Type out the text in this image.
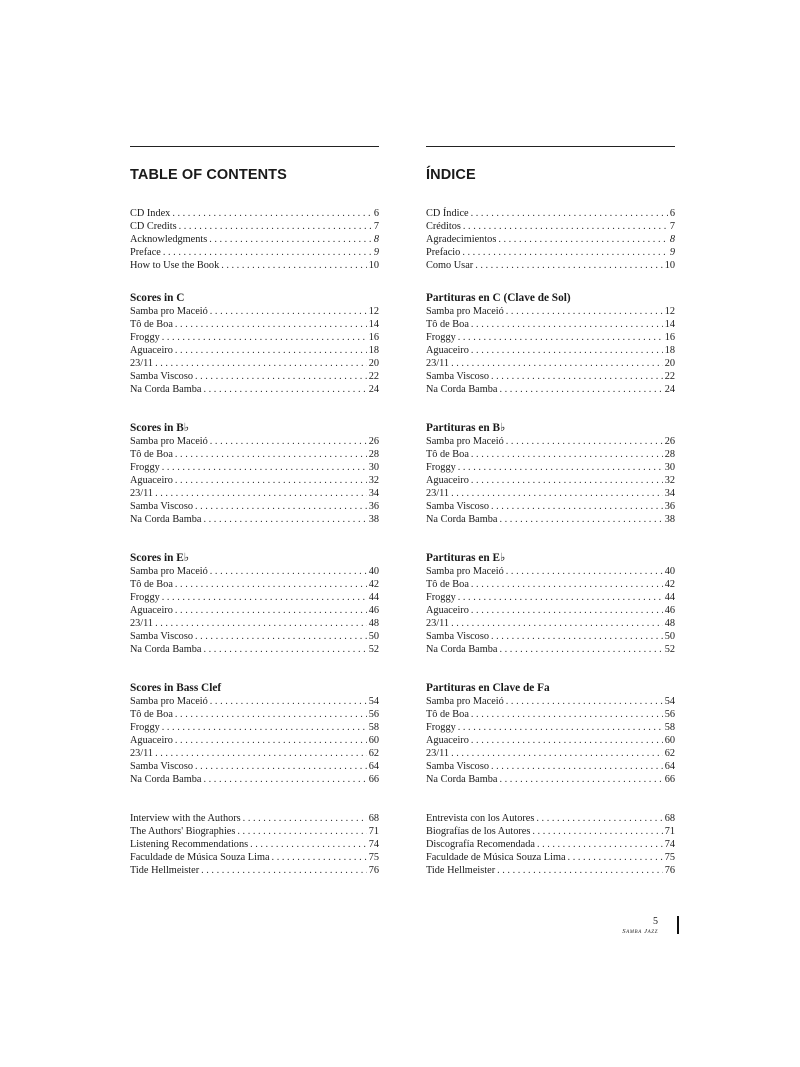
TABLE OF CONTENTS
CD Index . . .	6
CD Credits . . .	7
Acknowledgments . . .	8
Preface . . .	9
How to Use the Book . . .	10
Scores in C
Samba pro Maceió . . .	12
Tô de Boa . . .	14
Froggy . . .	16
Aguaceiro . . .	18
23/11 . . .	20
Samba Viscoso . . .	22
Na Corda Bamba . . .	24
Scores in B♭
Samba pro Maceió . . .	26
Tô de Boa . . .	28
Froggy . . .	30
Aguaceiro . . .	32
23/11 . . .	34
Samba Viscoso . . .	36
Na Corda Bamba . . .	38
Scores in E♭
Samba pro Maceió . . .	40
Tô de Boa . . .	42
Froggy . . .	44
Aguaceiro . . .	46
23/11 . . .	48
Samba Viscoso . . .	50
Na Corda Bamba . . .	52
Scores in Bass Clef
Samba pro Maceió . . .	54
Tô de Boa . . .	56
Froggy . . .	58
Aguaceiro . . .	60
23/11 . . .	62
Samba Viscoso . . .	64
Na Corda Bamba . . .	66
Interview with the Authors . . .	68
The Authors' Biographies . . .	71
Listening Recommendations . . .	74
Faculdade de Música Souza Lima . . .	75
Tide Hellmeister . . .	76
ÍNDICE
CD Índice . . .	6
Créditos . . .	7
Agradecimientos . . .	8
Prefacio . . .	9
Como Usar . . .	10
Partituras en C (Clave de Sol)
Samba pro Maceió . . .	12
Tô de Boa . . .	14
Froggy . . .	16
Aguaceiro . . .	18
23/11 . . .	20
Samba Viscoso . . .	22
Na Corda Bamba . . .	24
Partituras en B♭
Samba pro Maceió . . .	26
Tô de Boa . . .	28
Froggy . . .	30
Aguaceiro . . .	32
23/11 . . .	34
Samba Viscoso . . .	36
Na Corda Bamba . . .	38
Partituras en E♭
Samba pro Maceió . . .	40
Tô de Boa . . .	42
Froggy . . .	44
Aguaceiro . . .	46
23/11 . . .	48
Samba Viscoso . . .	50
Na Corda Bamba . . .	52
Partituras en Clave de Fa
Samba pro Maceió . . .	54
Tô de Boa . . .	56
Froggy . . .	58
Aguaceiro . . .	60
23/11 . . .	62
Samba Viscoso . . .	64
Na Corda Bamba . . .	66
Entrevista con los Autores . . .	68
Biografías de los Autores . . .	71
Discografía Recomendada . . .	74
Faculdade de Música Souza Lima . . .	75
Tide Hellmeister . . .	76
5
Samba Jazz
